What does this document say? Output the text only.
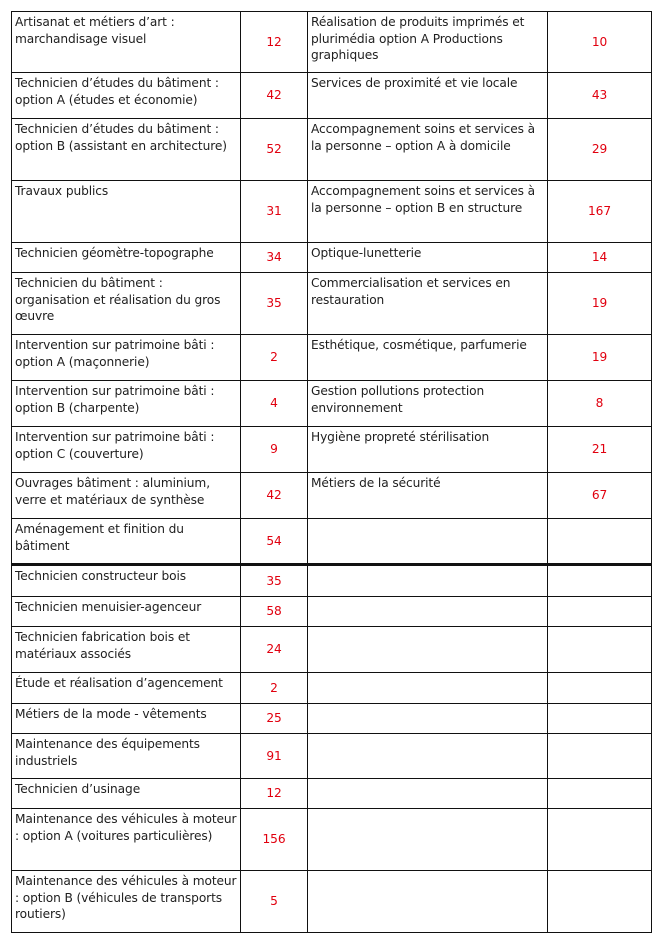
Artisanat et métiers d’art : marchandisage visuel	12	Réalisation de produits imprimés et plurimédia option A Productions graphiques	10
Technicien d’études du bâtiment : option A (études et économie)	42	Services de proximité et vie locale	43
Technicien d’études du bâtiment : option B (assistant en architecture)	52	Accompagnement soins et services à la personne – option A à domicile	29
Travaux publics	31	Accompagnement soins et services à la personne – option B en structure	167
Technicien géomètre-topographe	34	Optique-lunetterie	14
Technicien du bâtiment : organisation et réalisation du gros œuvre	35	Commercialisation et services en restauration	19
Intervention sur patrimoine bâti : option A (maçonnerie)	2	Esthétique, cosmétique, parfumerie	19
Intervention sur patrimoine bâti : option B (charpente)	4	Gestion pollutions protection environnement	8
Intervention sur patrimoine bâti : option C (couverture)	9	Hygiène propreté stérilisation	21
Ouvrages bâtiment : aluminium, verre et matériaux de synthèse	42	Métiers de la sécurité	67
Aménagement et finition du bâtiment	54		
Technicien constructeur bois	35		
Technicien menuisier-agenceur	58		
Technicien fabrication bois et matériaux associés	24		
Étude et réalisation d’agencement	2		
Métiers de la mode - vêtements	25		
Maintenance des équipements industriels	91		
Technicien d’usinage	12		
Maintenance des véhicules à moteur : option A (voitures particulières)	156		
Maintenance des véhicules à moteur : option B (véhicules de transports routiers)	5		
